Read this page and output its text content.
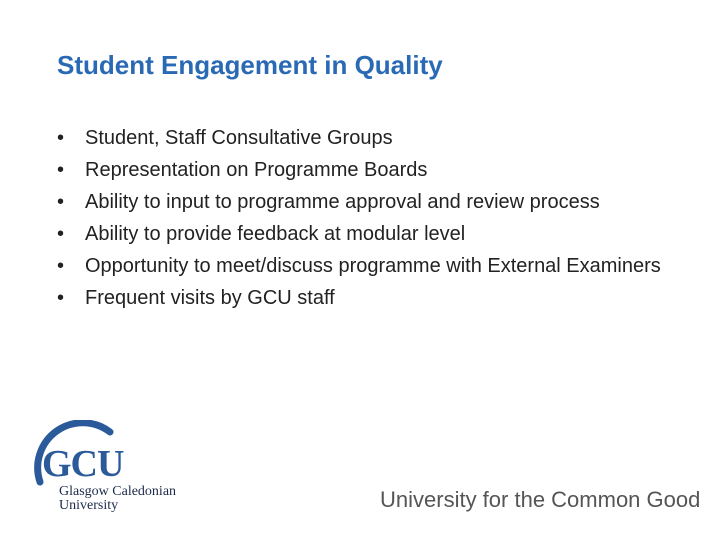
Student Engagement in Quality
• Student, Staff Consultative Groups
• Representation on Programme Boards
• Ability to input to programme approval and review process
• Ability to provide feedback at modular level
• Opportunity to meet/discuss programme with External Examiners
• Frequent visits by GCU staff
GCU
Glasgow Caledonian
University	University for the Common Good
